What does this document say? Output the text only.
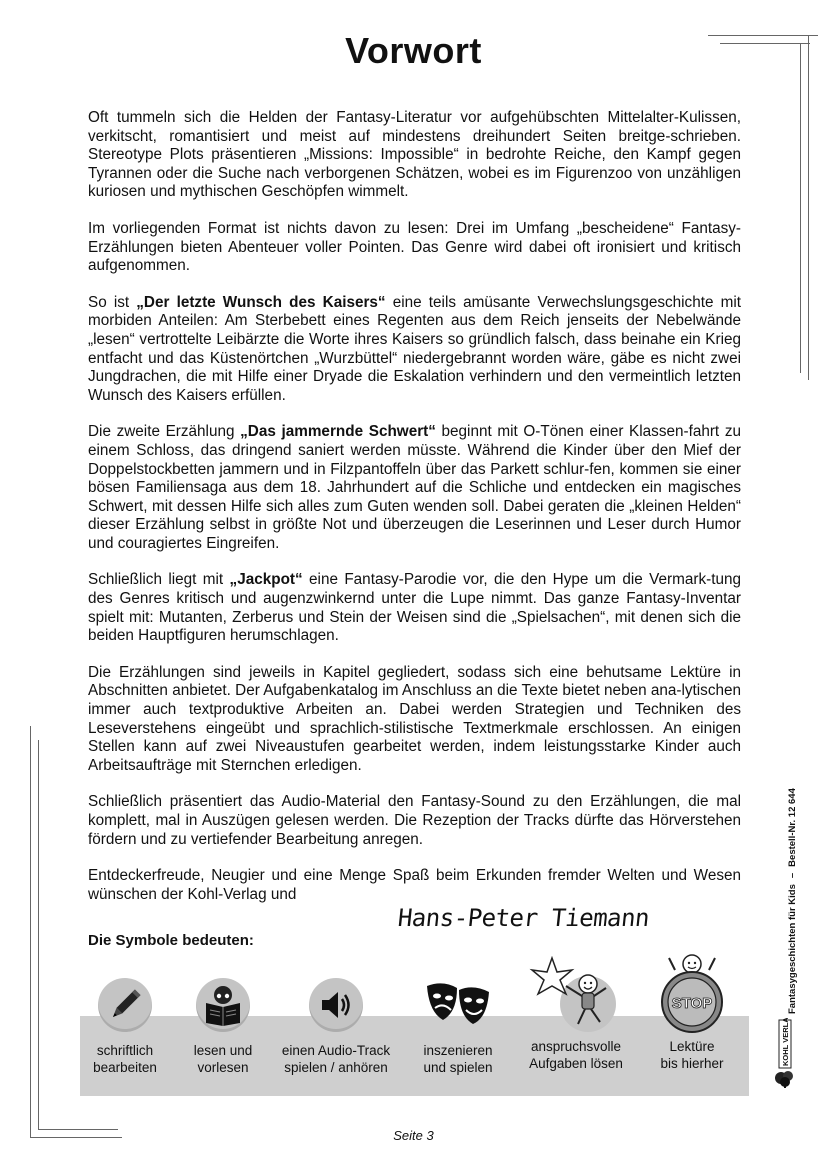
Vorwort

Oft tummeln sich die Helden der Fantasy-Literatur vor aufgehübschten Mittelalter-Kulissen, verkitscht, romantisiert und meist auf mindestens dreihundert Seiten breitge-schrieben. Stereotype Plots präsentieren „Missions: Impossible“ in bedrohte Reiche, den Kampf gegen Tyrannen oder die Suche nach verborgenen Schätzen, wobei es im Figurenzoo von unzähligen kuriosen und mythischen Geschöpfen wimmelt.

Im vorliegenden Format ist nichts davon zu lesen: Drei im Umfang „bescheidene“ Fantasy-Erzählungen bieten Abenteuer voller Pointen. Das Genre wird dabei oft ironisiert und kritisch aufgenommen.

So ist „Der letzte Wunsch des Kaisers“ eine teils amüsante Verwechslungsgeschichte mit morbiden Anteilen: Am Sterbebett eines Regenten aus dem Reich jenseits der Nebelwände „lesen“ vertrottelte Leibärzte die Worte ihres Kaisers so gründlich falsch, dass beinahe ein Krieg entfacht und das Küstenörtchen „Wurzbüttel“ niedergebrannt worden wäre, gäbe es nicht zwei Jungdrachen, die mit Hilfe einer Dryade die Eskalation verhindern und den vermeintlich letzten Wunsch des Kaisers erfüllen.

Die zweite Erzählung „Das jammernde Schwert“ beginnt mit O-Tönen einer Klassen-fahrt zu einem Schloss, das dringend saniert werden müsste. Während die Kinder über den Mief der Doppelstockbetten jammern und in Filzpantoffeln über das Parkett schlur-fen, kommen sie einer bösen Familiensaga aus dem 18. Jahrhundert auf die Schliche und entdecken ein magisches Schwert, mit dessen Hilfe sich alles zum Guten wenden soll. Dabei geraten die „kleinen Helden“ dieser Erzählung selbst in größte Not und überzeugen die Leserinnen und Leser durch Humor und couragiertes Eingreifen.

Schließlich liegt mit „Jackpot“ eine Fantasy-Parodie vor, die den Hype um die Vermark-tung des Genres kritisch und augenzwinkernd unter die Lupe nimmt. Das ganze Fantasy-Inventar spielt mit: Mutanten, Zerberus und Stein der Weisen sind die „Spielsachen“, mit denen sich die beiden Hauptfiguren herumschlagen.

Die Erzählungen sind jeweils in Kapitel gegliedert, sodass sich eine behutsame Lektüre in Abschnitten anbietet. Der Aufgabenkatalog im Anschluss an die Texte bietet neben ana-lytischen immer auch textproduktive Arbeiten an. Dabei werden Strategien und Techniken des Leseverstehens eingeübt und sprachlich-stilistische Textmerkmale erschlossen. An einigen Stellen kann auf zwei Niveaustufen gearbeitet werden, indem leistungsstarke Kinder auch Arbeitsaufträge mit Sternchen erledigen.

Schließlich präsentiert das Audio-Material den Fantasy-Sound zu den Erzählungen, die mal komplett, mal in Auszügen gelesen werden. Die Rezeption der Tracks dürfte das Hörverstehen fördern und zu vertiefender Bearbeitung anregen.

Entdeckerfreude, Neugier und eine Menge Spaß beim Erkunden fremder Welten und Wesen wünschen der Kohl-Verlag und

Hans-Peter Tiemann
Die Symbole bedeuten:
schriftlich
bearbeiten
lesen und
vorlesen
einen Audio-Track
spielen / anhören
inszenieren
und spielen
anspruchsvolle
Aufgaben lösen
STOP
Lektüre
bis hierher
Fantasygeschichten für Kids–Bestell-Nr. 12 644
KOHL VERLAG
Seite 3
